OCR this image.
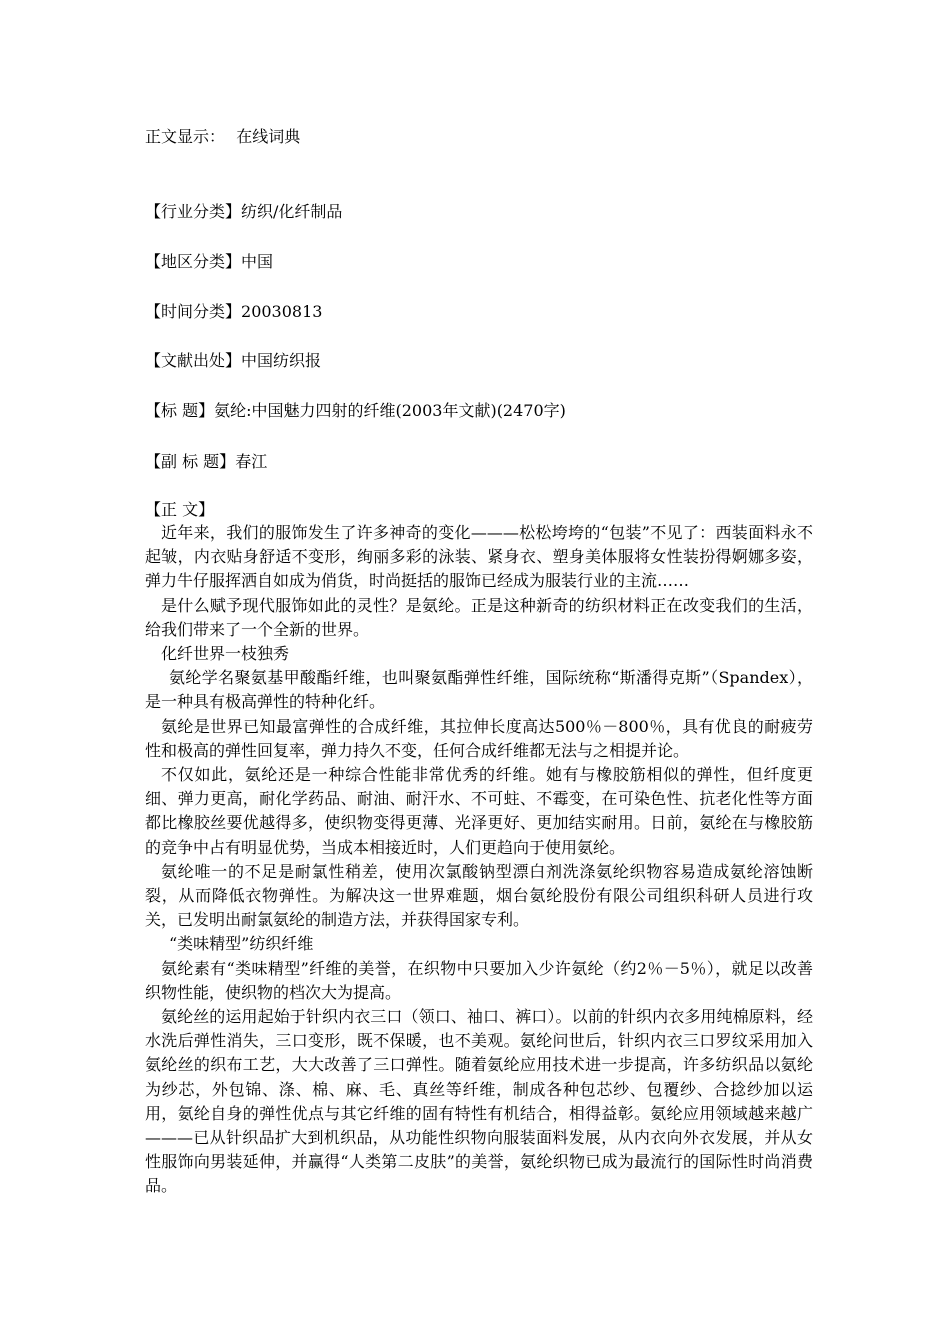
正文显示： 在线词典
【行业分类】纺织/化纤制品
【地区分类】中国
【时间分类】20030813
【文献出处】中国纺织报
【标 题】氨纶:中国魅力四射的纤维(2003年文献)(2470字)
【副 标 题】春江
【正 文】

近年来，我们的服饰发生了许多神奇的变化———松松垮垮的“包装”不见了：西装面料永不起皱，内衣贴身舒适不变形，绚丽多彩的泳装、紧身衣、塑身美体服将女性装扮得婀娜多姿，弹力牛仔服挥洒自如成为俏货，时尚挺括的服饰已经成为服装行业的主流……

是什么赋予现代服饰如此的灵性？是氨纶。正是这种新奇的纺织材料正在改变我们的生活，给我们带来了一个全新的世界。

化纤世界一枝独秀

氨纶学名聚氨基甲酸酯纤维，也叫聚氨酯弹性纤维，国际统称“斯潘得克斯”（Spandex），是一种具有极高弹性的特种化纤。

氨纶是世界已知最富弹性的合成纤维，其拉伸长度高达500％－800％，具有优良的耐疲劳性和极高的弹性回复率，弹力持久不变，任何合成纤维都无法与之相提并论。

不仅如此，氨纶还是一种综合性能非常优秀的纤维。她有与橡胶筋相似的弹性，但纤度更细、弹力更高，耐化学药品、耐油、耐汗水、不可蛀、不霉变，在可染色性、抗老化性等方面都比橡胶丝要优越得多，使织物变得更薄、光泽更好、更加结实耐用。日前，氨纶在与橡胶筋的竞争中占有明显优势，当成本相接近时，人们更趋向于使用氨纶。

氨纶唯一的不足是耐氯性稍差，使用次氯酸钠型漂白剂洗涤氨纶织物容易造成氨纶溶蚀断裂，从而降低衣物弹性。为解决这一世界难题，烟台氨纶股份有限公司组织科研人员进行攻关，已发明出耐氯氨纶的制造方法，并获得国家专利。

“类味精型”纺织纤维

氨纶素有“类味精型”纤维的美誉，在织物中只要加入少许氨纶（约2％－5％），就足以改善织物性能，使织物的档次大为提高。

氨纶丝的运用起始于针织内衣三口（领口、袖口、裤口）。以前的针织内衣多用纯棉原料，经水洗后弹性消失，三口变形，既不保暖，也不美观。氨纶问世后，针织内衣三口罗纹采用加入氨纶丝的织布工艺，大大改善了三口弹性。随着氨纶应用技术进一步提高，许多纺织品以氨纶为纱芯，外包锦、涤、棉、麻、毛、真丝等纤维，制成各种包芯纱、包覆纱、合捻纱加以运用，氨纶自身的弹性优点与其它纤维的固有特性有机结合，相得益彰。氨纶应用领域越来越广———已从针织品扩大到机织品，从功能性织物向服装面料发展，从内衣向外衣发展，并从女性服饰向男装延伸，并赢得“人类第二皮肤”的美誉，氨纶织物已成为最流行的国际性时尚消费品。
